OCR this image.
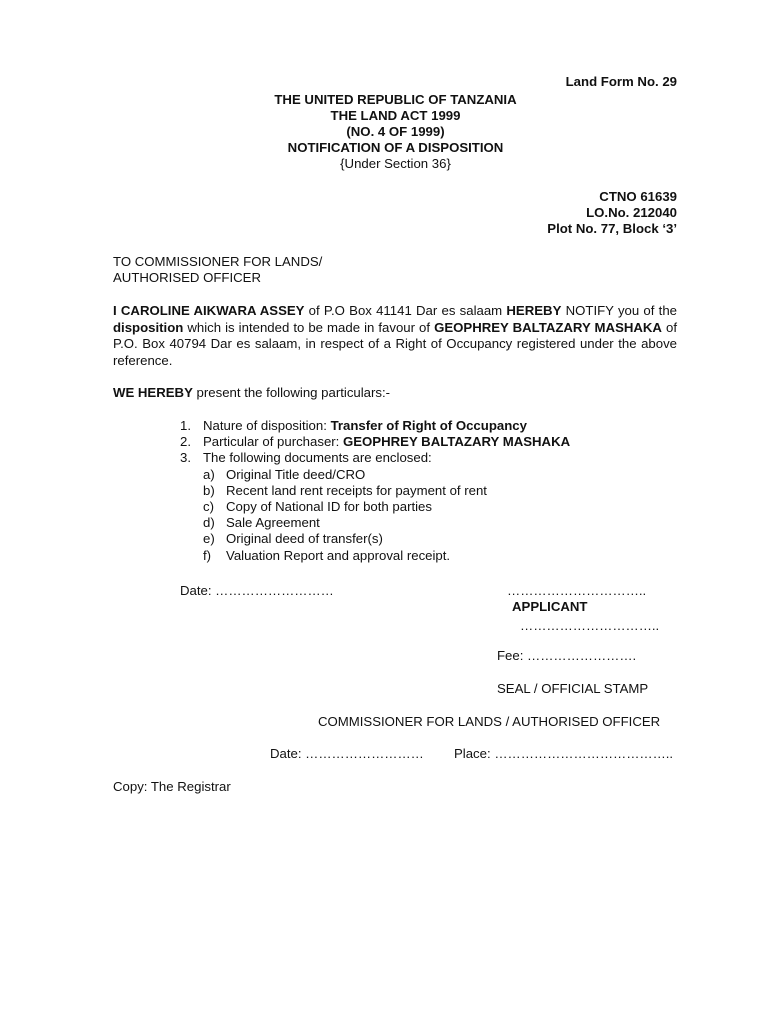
Land Form No. 29
THE UNITED REPUBLIC OF TANZANIA
THE LAND ACT 1999
(NO. 4 OF 1999)
NOTIFICATION OF A DISPOSITION
{Under Section 36}
CTNO 61639
LO.No. 212040
Plot No. 77, Block ‘3’
TO COMMISSIONER FOR LANDS/
AUTHORISED OFFICER
I CAROLINE AIKWARA ASSEY of P.O Box 41141 Dar es salaam HEREBY NOTIFY you of the disposition which is intended to be made in favour of GEOPHREY BALTAZARY MASHAKA of P.O. Box 40794 Dar es salaam, in respect of a Right of Occupancy registered under the above reference.
WE HEREBY present the following particulars:-
1. Nature of disposition: Transfer of Right of Occupancy
2. Particular of purchaser: GEOPHREY BALTAZARY MASHAKA
3. The following documents are enclosed:
a) Original Title deed/CRO
b) Recent land rent receipts for payment of rent
c) Copy of National ID for both parties
d) Sale Agreement
e) Original deed of transfer(s)
f)	Valuation Report and approval receipt.
Date: ………………………	…………………………..
APPLICANT
…………………………..
Fee: …………………….
SEAL / OFFICIAL STAMP
COMMISSIONER FOR LANDS / AUTHORISED OFFICER
Date: ……………………… Place: …………………………………..
Copy: The Registrar
